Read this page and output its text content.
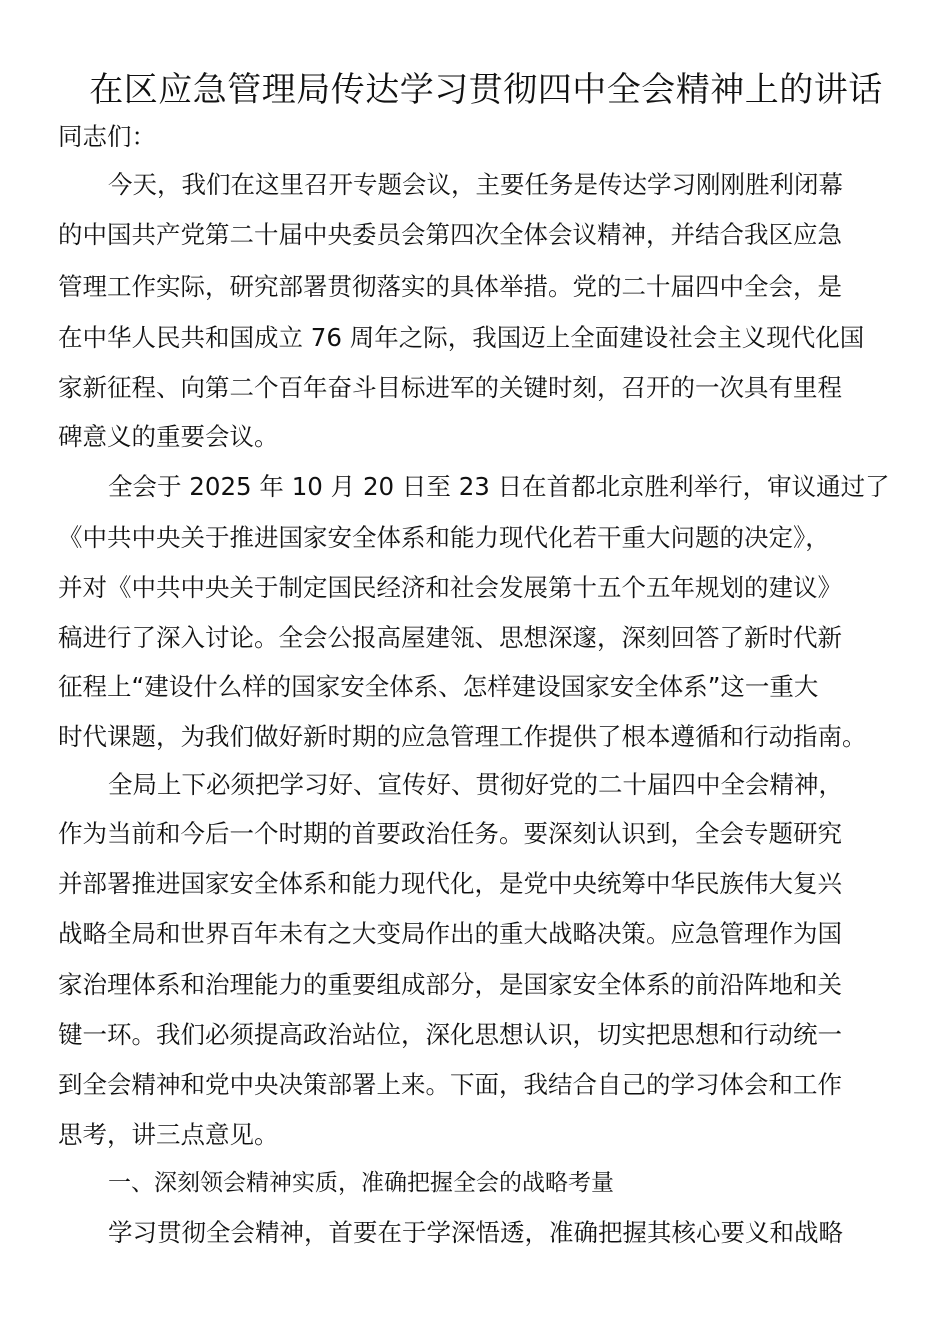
在区应急管理局传达学习贯彻四中全会精神上的讲话
同志们：
今天，我们在这里召开专题会议，主要任务是传达学习刚刚胜利闭幕
的中国共产党第二十届中央委员会第四次全体会议精神，并结合我区应急
管理工作实际，研究部署贯彻落实的具体举措。党的二十届四中全会，是
在中华人民共和国成立 76 周年之际，我国迈上全面建设社会主义现代化国
家新征程、向第二个百年奋斗目标进军的关键时刻，召开的一次具有里程
碑意义的重要会议。
全会于 2025 年 10 月 20 日至 23 日在首都北京胜利举行，审议通过了
《中共中央关于推进国家安全体系和能力现代化若干重大问题的决定》，
并对《中共中央关于制定国民经济和社会发展第十五个五年规划的建议》
稿进行了深入讨论。全会公报高屋建瓴、思想深邃，深刻回答了新时代新
征程上“建设什么样的国家安全体系、怎样建设国家安全体系”这一重大
时代课题，为我们做好新时期的应急管理工作提供了根本遵循和行动指南。
全局上下必须把学习好、宣传好、贯彻好党的二十届四中全会精神，
作为当前和今后一个时期的首要政治任务。要深刻认识到，全会专题研究
并部署推进国家安全体系和能力现代化，是党中央统筹中华民族伟大复兴
战略全局和世界百年未有之大变局作出的重大战略决策。应急管理作为国
家治理体系和治理能力的重要组成部分，是国家安全体系的前沿阵地和关
键一环。我们必须提高政治站位，深化思想认识，切实把思想和行动统一
到全会精神和党中央决策部署上来。下面，我结合自己的学习体会和工作
思考，讲三点意见。
一、深刻领会精神实质，准确把握全会的战略考量
学习贯彻全会精神，首要在于学深悟透，准确把握其核心要义和战略
